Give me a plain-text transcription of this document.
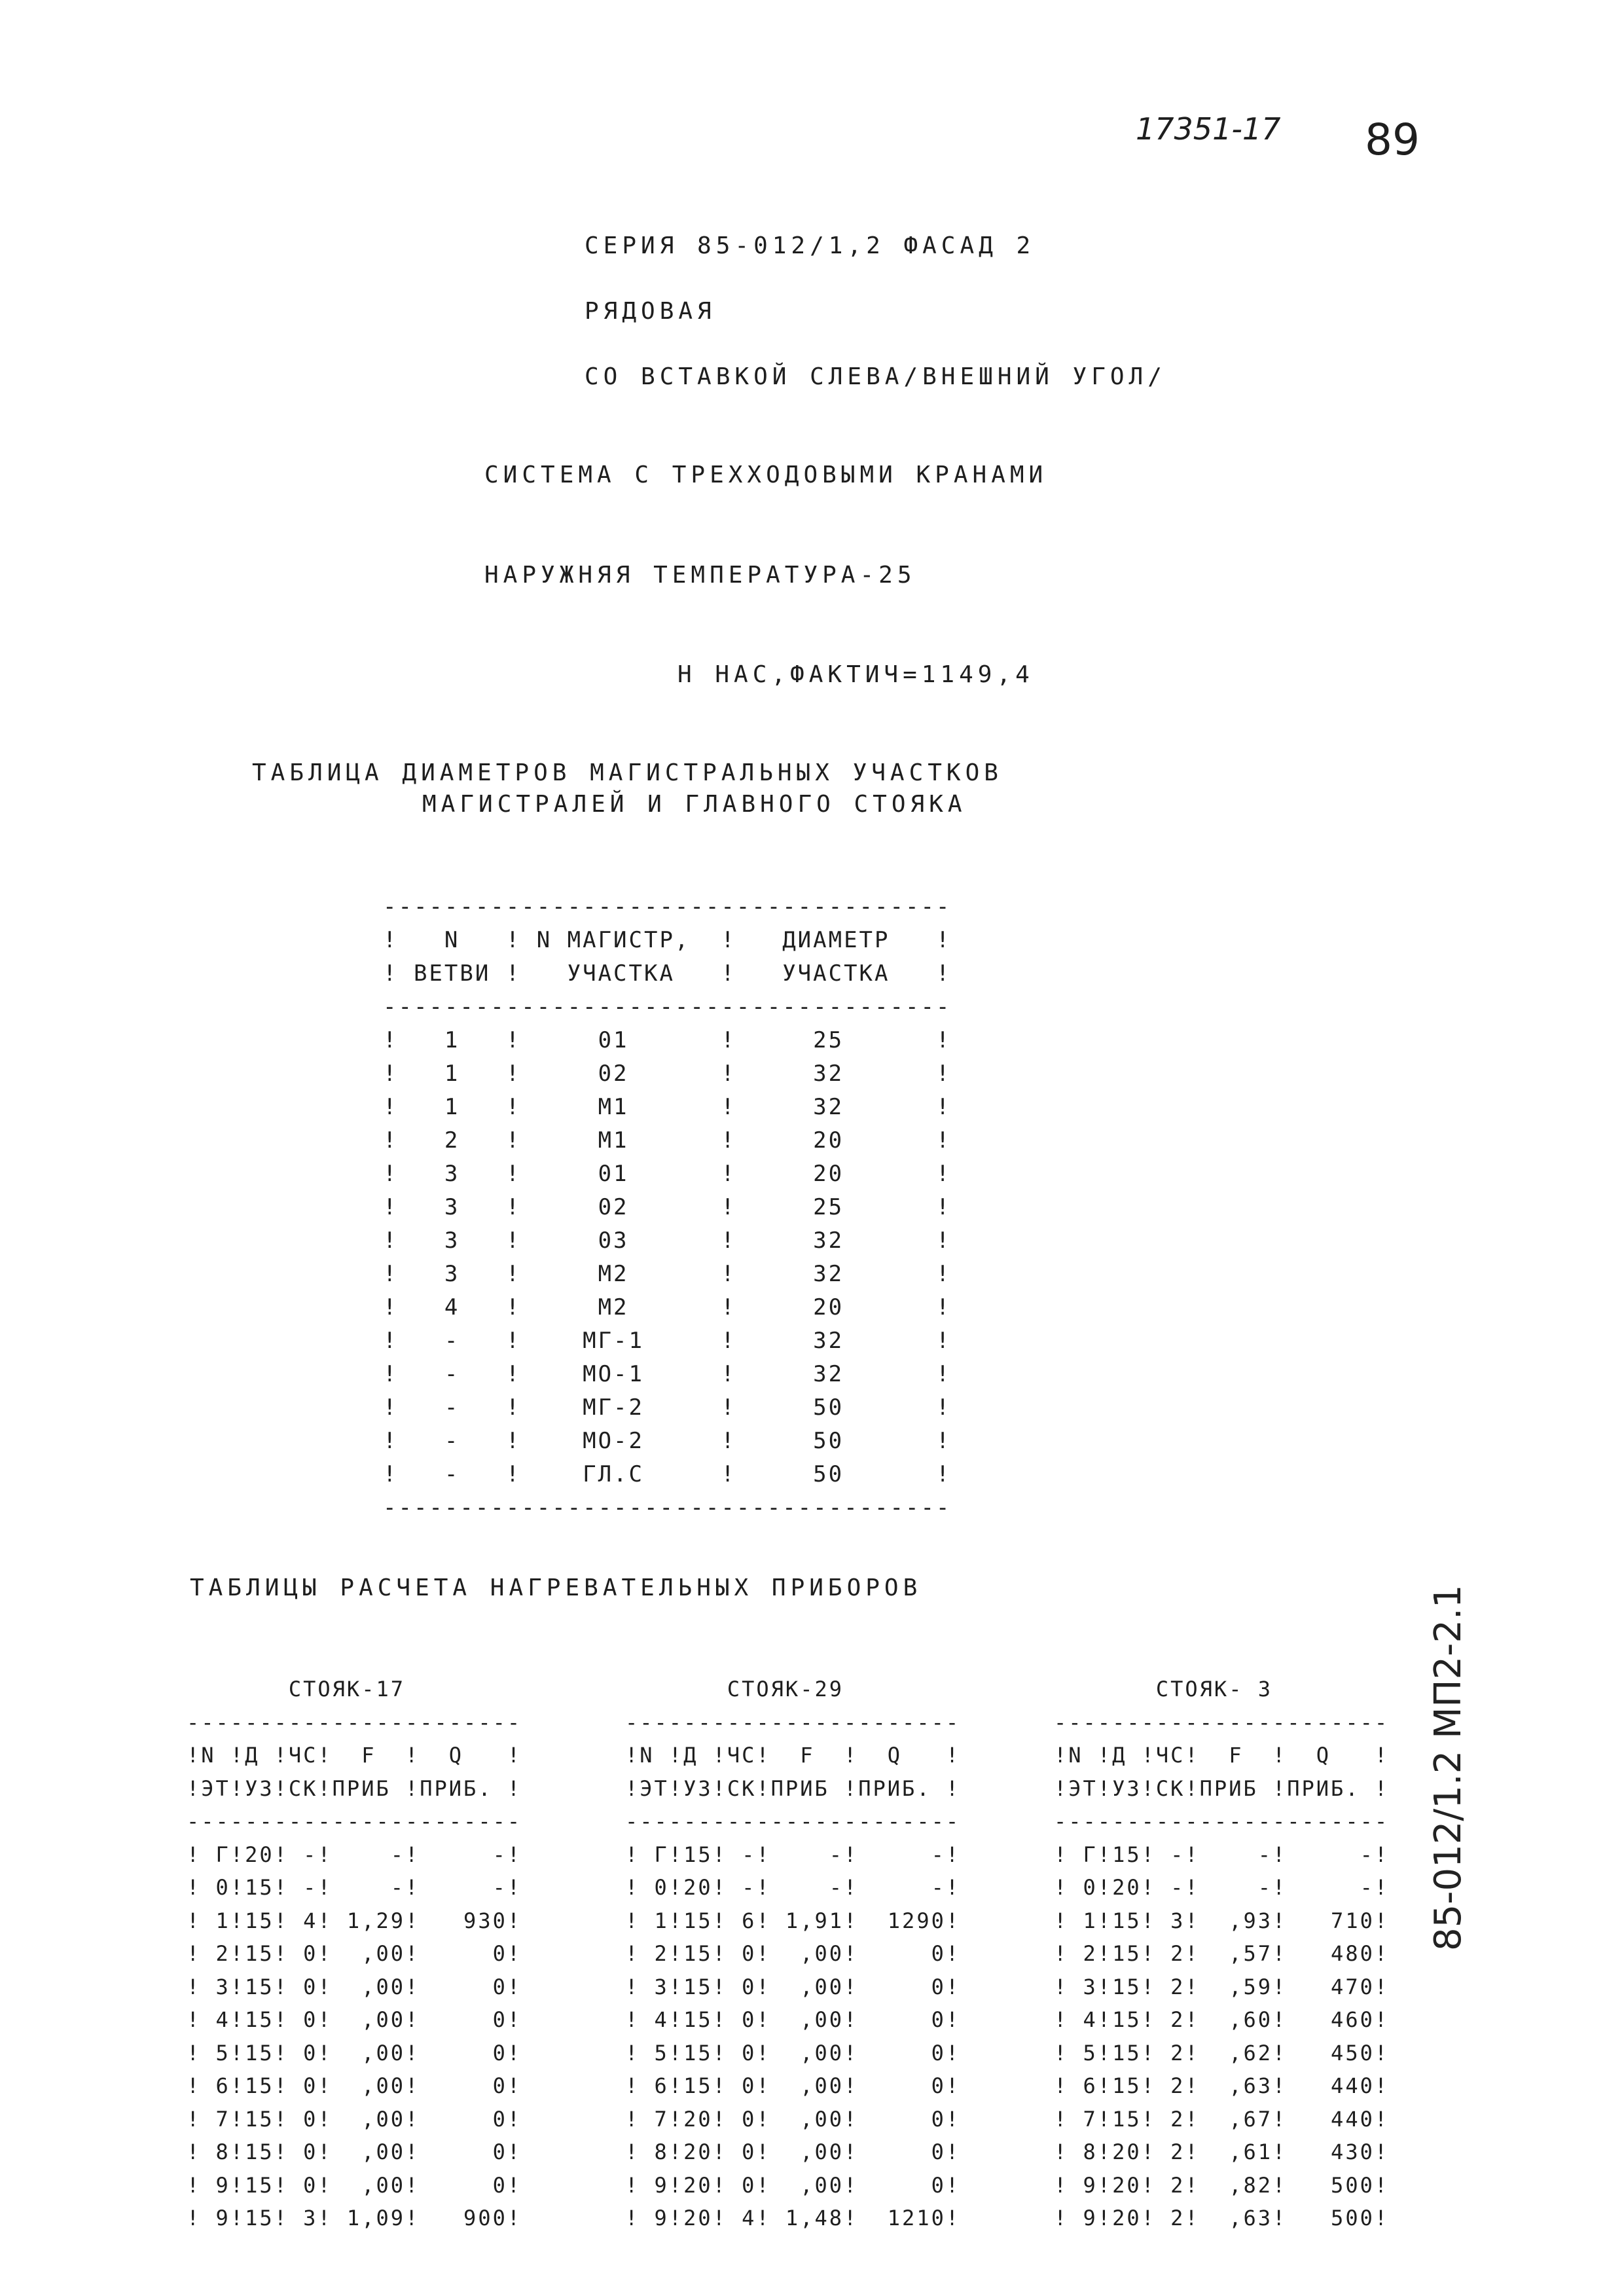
17351-17 89
СЕРИЯ 85-012/1,2 ФАСАД 2
РЯДОВАЯ
СО ВСТАВКОЙ СЛЕВА/ВНЕШНИЙ УГОЛ/
СИСТЕМА С ТРЕХХОДОВЫМИ КРАНАМИ
НАРУЖНЯЯ ТЕМПЕРАТУРА-25
Н НАС,ФАКТИЧ=1149,4
ТАБЛИЦА ДИАМЕТРОВ МАГИСТРАЛЬНЫХ УЧАСТКОВ
МАГИСТРАЛЕЙ И ГЛАВНОГО СТОЯКА
-------------------------------------
!   N   ! N МАГИСТР,  !   ДИАМЕТР   !
! ВЕТВИ !   УЧАСТКА   !   УЧАСТКА   !
-------------------------------------
!   1   !     01      !     25      !
!   1   !     02      !     32      !
!   1   !     М1      !     32      !
!   2   !     М1      !     20      !
!   3   !     01      !     20      !
!   3   !     02      !     25      !
!   3   !     03      !     32      !
!   3   !     М2      !     32      !
!   4   !     М2      !     20      !
!   -   !    МГ-1     !     32      !
!   -   !    МО-1     !     32      !
!   -   !    МГ-2     !     50      !
!   -   !    МО-2     !     50      !
!   -   !    ГЛ.С     !     50      !
-------------------------------------

ТАБЛИЦЫ РАСЧЕТА НАГРЕВАТЕЛЬНЫХ ПРИБОРОВ
СТОЯК-17
-----------------------
!N !Д !ЧС!  F  !  Q   !
!ЭТ!УЗ!СК!ПРИБ !ПРИБ. !
-----------------------
! Г!20! -!    -!     -!
! 0!15! -!    -!     -!
! 1!15! 4! 1,29!   930!
! 2!15! 0!  ,00!     0!
! 3!15! 0!  ,00!     0!
! 4!15! 0!  ,00!     0!
! 5!15! 0!  ,00!     0!
! 6!15! 0!  ,00!     0!
! 7!15! 0!  ,00!     0!
! 8!15! 0!  ,00!     0!
! 9!15! 0!  ,00!     0!
! 9!15! 3! 1,09!   900!

СТОЯК-29
-----------------------
!N !Д !ЧС!  F  !  Q   !
!ЭТ!УЗ!СК!ПРИБ !ПРИБ. !
-----------------------
! Г!15! -!    -!     -!
! 0!20! -!    -!     -!
! 1!15! 6! 1,91!  1290!
! 2!15! 0!  ,00!     0!
! 3!15! 0!  ,00!     0!
! 4!15! 0!  ,00!     0!
! 5!15! 0!  ,00!     0!
! 6!15! 0!  ,00!     0!
! 7!20! 0!  ,00!     0!
! 8!20! 0!  ,00!     0!
! 9!20! 0!  ,00!     0!
! 9!20! 4! 1,48!  1210!

СТОЯК- 3
-----------------------
!N !Д !ЧС!  F  !  Q   !
!ЭТ!УЗ!СК!ПРИБ !ПРИБ. !
-----------------------
! Г!15! -!    -!     -!
! 0!20! -!    -!     -!
! 1!15! 3!  ,93!   710!
! 2!15! 2!  ,57!   480!
! 3!15! 2!  ,59!   470!
! 4!15! 2!  ,60!   460!
! 5!15! 2!  ,62!   450!
! 6!15! 2!  ,63!   440!
! 7!15! 2!  ,67!   440!
! 8!20! 2!  ,61!   430!
! 9!20! 2!  ,82!   500!
! 9!20! 2!  ,63!   500!

85-012/1.2 МП2-2.1
